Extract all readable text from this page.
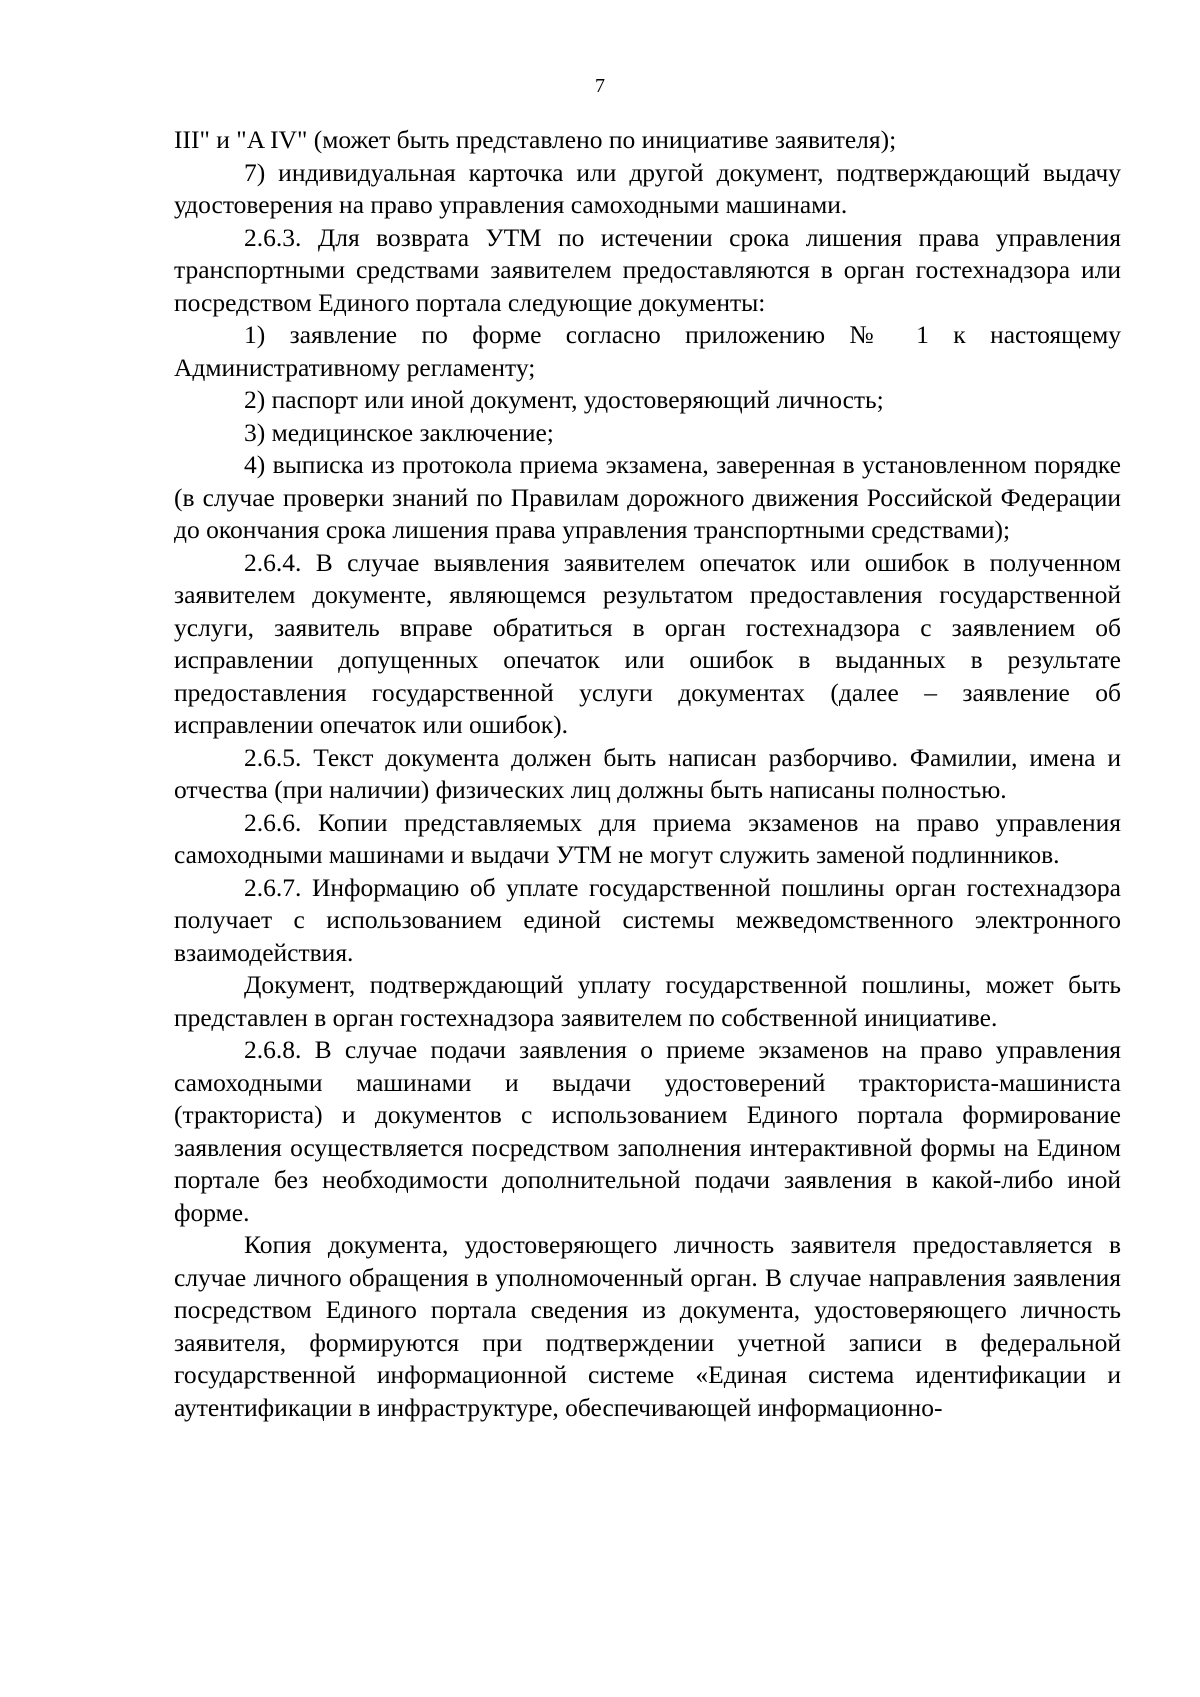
7

III" и "A IV" (может быть представлено по инициативе заявителя);

7) индивидуальная карточка или другой документ, подтверждающий выдачу удостоверения на право управления самоходными машинами.

2.6.3. Для возврата УТМ по истечении срока лишения права управления транспортными средствами заявителем предоставляются в орган гостехнадзора или посредством Единого портала следующие документы:

1) заявление по форме согласно приложению № 1 к настоящему Административному регламенту;

2) паспорт или иной документ, удостоверяющий личность;

3) медицинское заключение;

4) выписка из протокола приема экзамена, заверенная в установленном порядке (в случае проверки знаний по Правилам дорожного движения Российской Федерации до окончания срока лишения права управления транспортными средствами);

2.6.4. В случае выявления заявителем опечаток или ошибок в полученном заявителем документе, являющемся результатом предоставления государственной услуги, заявитель вправе обратиться в орган гостехнадзора с заявлением об исправлении допущенных опечаток или ошибок в выданных в результате предоставления государственной услуги документах (далее – заявление об исправлении опечаток или ошибок).

2.6.5. Текст документа должен быть написан разборчиво. Фамилии, имена и отчества (при наличии) физических лиц должны быть написаны полностью.

2.6.6. Копии представляемых для приема экзаменов на право управления самоходными машинами и выдачи УТМ не могут служить заменой подлинников.

2.6.7. Информацию об уплате государственной пошлины орган гостехнадзора получает с использованием единой системы межведомственного электронного взаимодействия.

Документ, подтверждающий уплату государственной пошлины, может быть представлен в орган гостехнадзора заявителем по собственной инициативе.

2.6.8. В случае подачи заявления о приеме экзаменов на право управления самоходными машинами и выдачи удостоверений тракториста-машиниста (тракториста) и документов с использованием Единого портала формирование заявления осуществляется посредством заполнения интерактивной формы на Едином портале без необходимости дополнительной подачи заявления в какой-либо иной форме.

Копия документа, удостоверяющего личность заявителя предоставляется в случае личного обращения в уполномоченный орган. В случае направления заявления посредством Единого портала сведения из документа, удостоверяющего личность заявителя, формируются при подтверждении учетной записи в федеральной государственной информационной системе «Единая система идентификации и аутентификации в инфраструктуре, обеспечивающей информационно-
